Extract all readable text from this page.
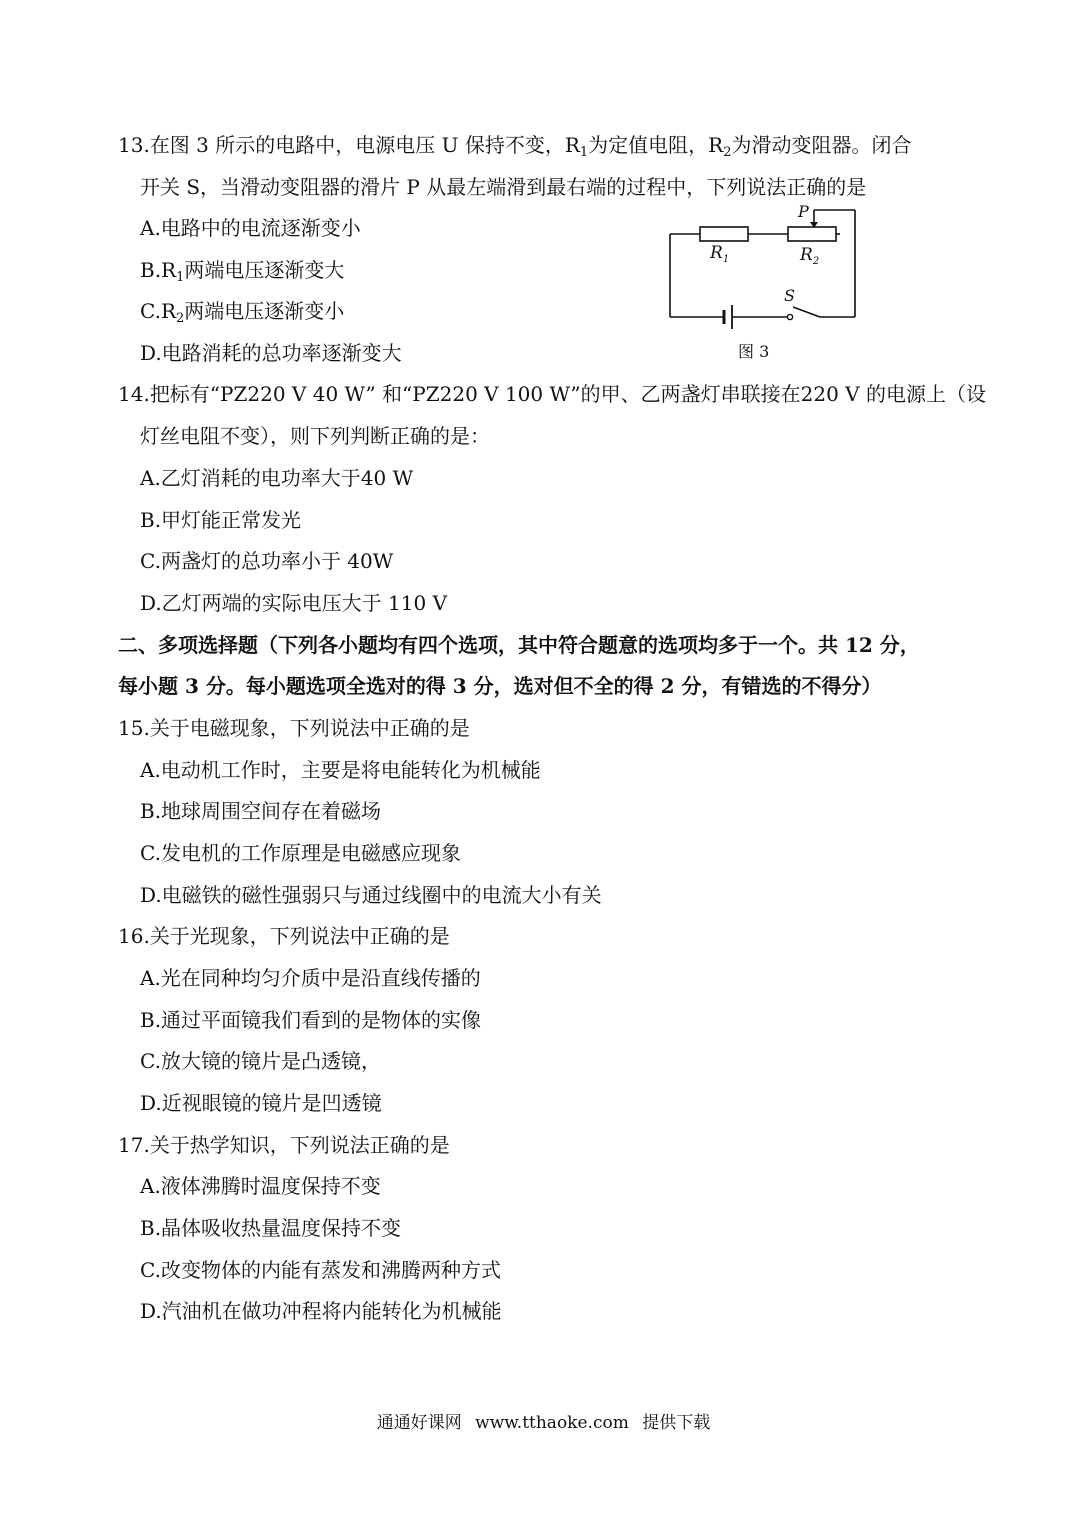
13.在图 3 所示的电路中，电源电压 U 保持不变，$R_1$为定值电阻，$R_2$为滑动变阻器。闭合
开关 S，当滑动变阻器的滑片 P 从最左端滑到最右端的过程中，下列说法正确的是
A.电路中的电流逐渐变小
$B.R_1$两端电压逐渐变大
$C.R_2$两端电压逐渐变小
D.电路消耗的总功率逐渐变大
$R_1$	$R_2$
P
S
图 3
14.把标有“PZ220 V 40 W” 和“PZ220 V 100 W”的甲、乙两盏灯串联接在220 V 的电源上（设
灯丝电阻不变），则下列判断正确的是：
A.乙灯消耗的电功率大于40 W
B.甲灯能正常发光
C.两盏灯的总功率小于 40W
D.乙灯两端的实际电压大于 110 V
二、多项选择题（下列各小题均有四个选项，其中符合题意的选项均多于一个。共 12 分，
每小题 3 分。每小题选项全选对的得 3 分，选对但不全的得 2 分，有错选的不得分）
15.关于电磁现象，下列说法中正确的是
A.电动机工作时，主要是将电能转化为机械能
B.地球周围空间存在着磁场
C.发电机的工作原理是电磁感应现象
D.电磁铁的磁性强弱只与通过线圈中的电流大小有关
16.关于光现象，下列说法中正确的是
A.光在同种均匀介质中是沿直线传播的
B.通过平面镜我们看到的是物体的实像
C.放大镜的镜片是凸透镜，
D.近视眼镜的镜片是凹透镜
17.关于热学知识，下列说法正确的是
A.液体沸腾时温度保持不变
B.晶体吸收热量温度保持不变
C.改变物体的内能有蒸发和沸腾两种方式
D.汽油机在做功冲程将内能转化为机械能
通通好课网 www.tthaoke.com 提供下载
